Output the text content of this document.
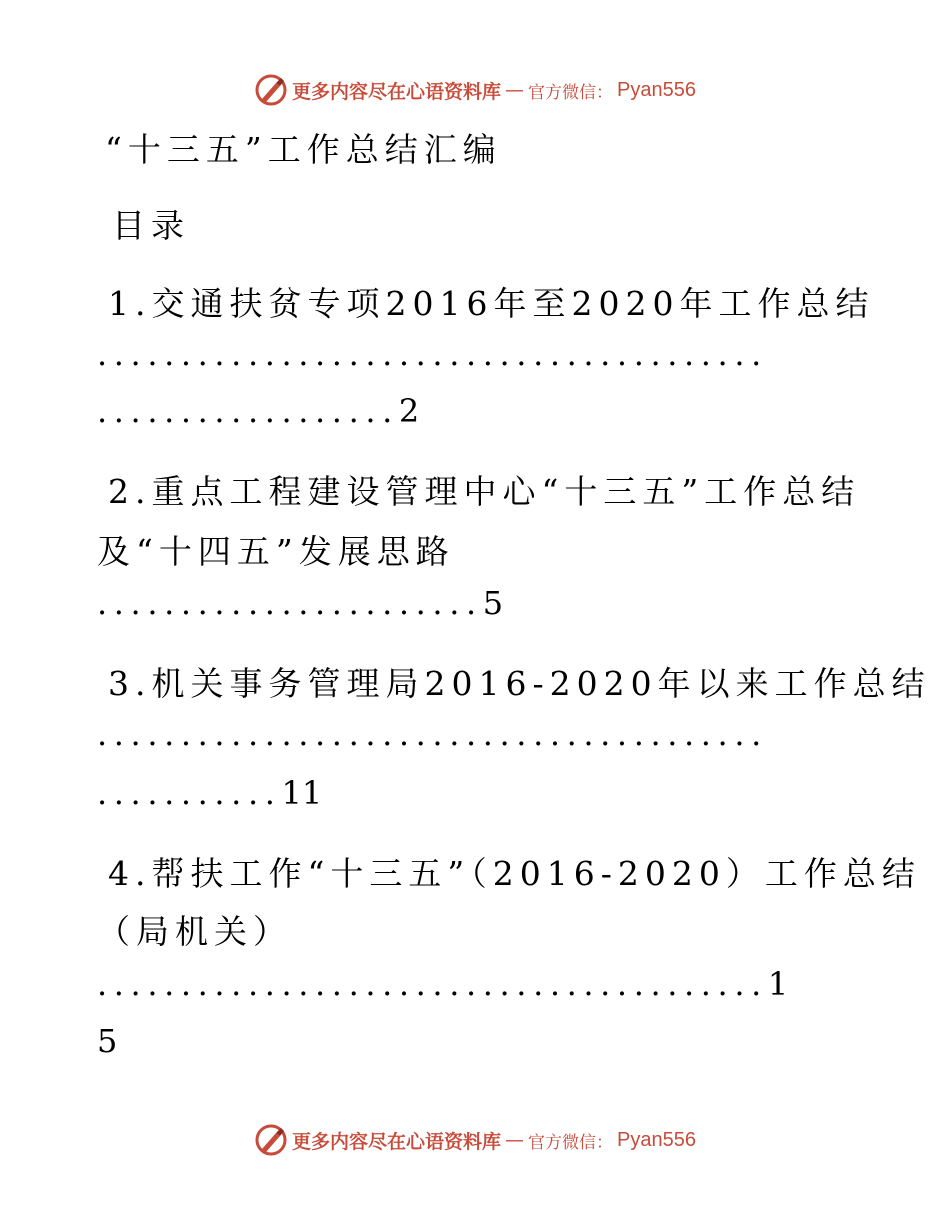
更多内容尽在心语资料库 — 官方微信： Pyan556
“十三五”工作总结汇编
目录
1.交通扶贫专项2016年至2020年工作总结
........................................
..................2
2.重点工程建设管理中心“十三五”工作总结
及“十四五”发展思路
.......................5
3.机关事务管理局2016-2020年以来工作总结
........................................
...........11
4.帮扶工作“十三五”（2016-2020）工作总结
（局机关）
........................................1
5
更多内容尽在心语资料库 — 官方微信： Pyan556
